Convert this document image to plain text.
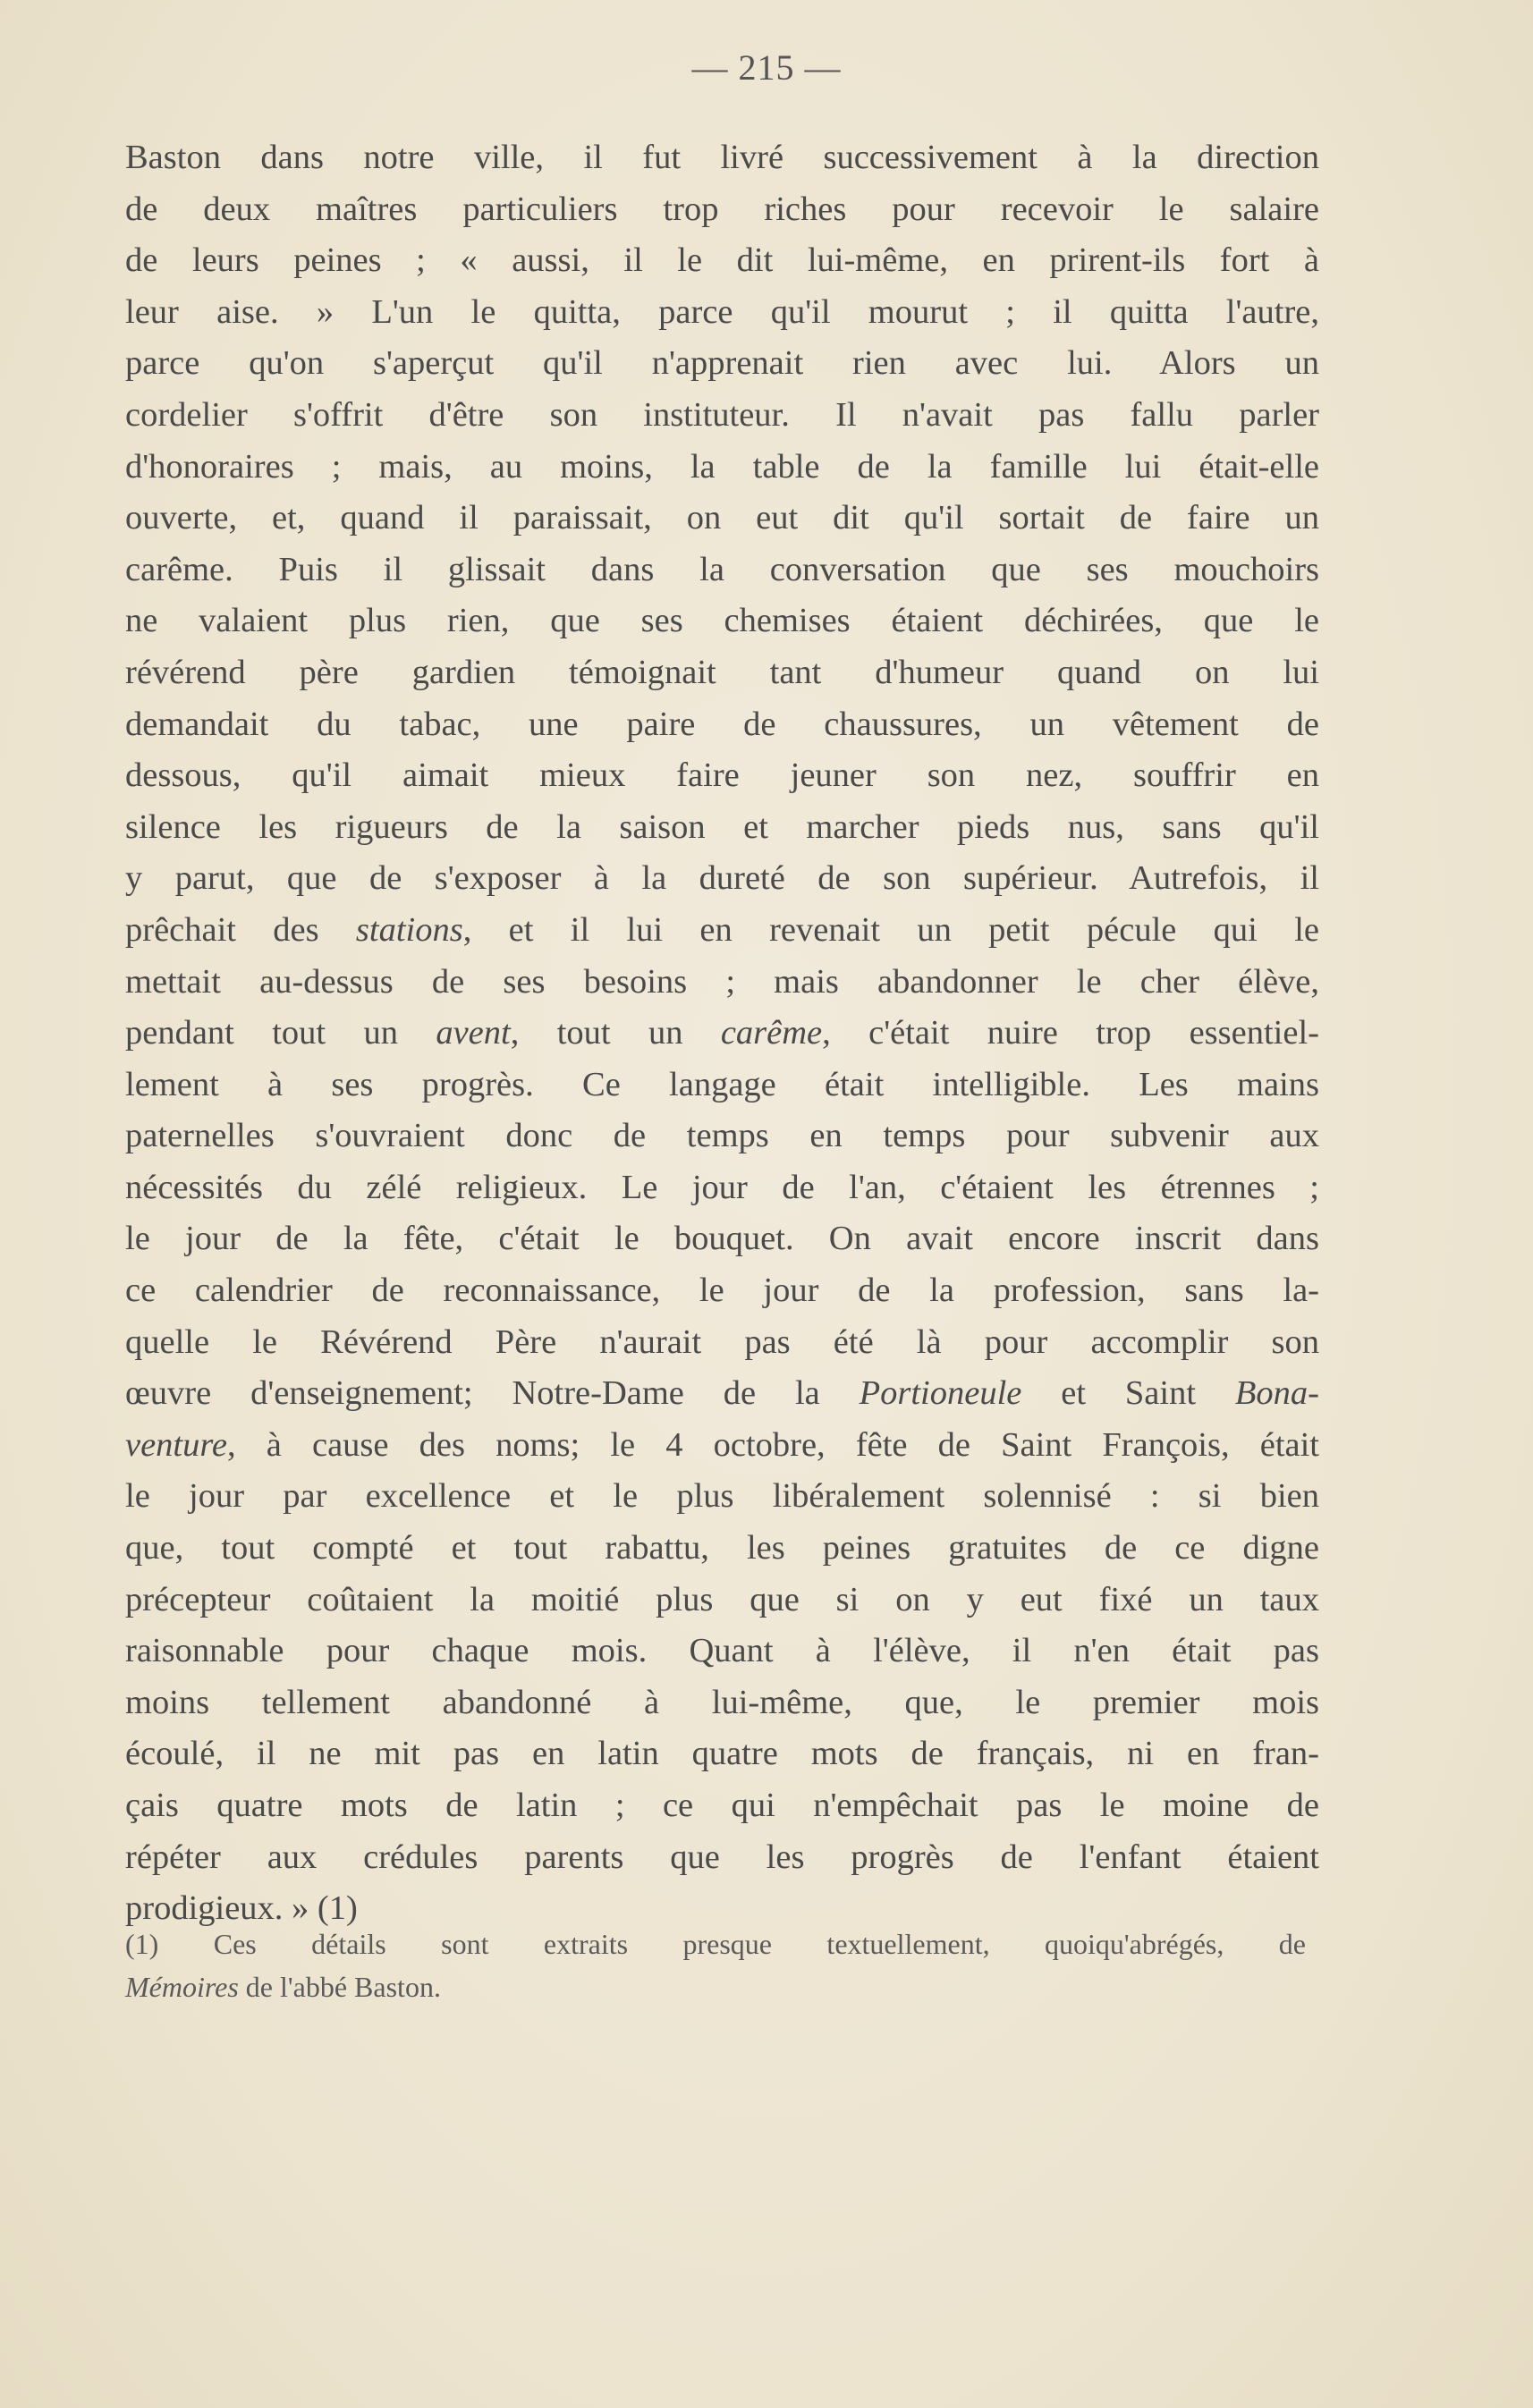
— 215 —
Baston dans notre ville, il fut livré successivement à la direction
de deux maîtres particuliers trop riches pour recevoir le salaire
de leurs peines ; « aussi, il le dit lui-même, en prirent-ils fort à
leur aise. » L'un le quitta, parce qu'il mourut ; il quitta l'autre,
parce qu'on s'aperçut qu'il n'apprenait rien avec lui. Alors un
cordelier s'offrit d'être son instituteur. Il n'avait pas fallu parler
d'honoraires ; mais, au moins, la table de la famille lui était-elle
ouverte, et, quand il paraissait, on eut dit qu'il sortait de faire un
carême. Puis il glissait dans la conversation que ses mouchoirs
ne valaient plus rien, que ses chemises étaient déchirées, que le
révérend père gardien témoignait tant d'humeur quand on lui
demandait du tabac, une paire de chaussures, un vêtement de
dessous, qu'il aimait mieux faire jeuner son nez, souffrir en
silence les rigueurs de la saison et marcher pieds nus, sans qu'il
y parut, que de s'exposer à la dureté de son supérieur. Autrefois, il
prêchait des stations, et il lui en revenait un petit pécule qui le
mettait au-dessus de ses besoins ; mais abandonner le cher élève,
pendant tout un avent, tout un carême, c'était nuire trop essentiel-
lement à ses progrès. Ce langage était intelligible. Les mains
paternelles s'ouvraient donc de temps en temps pour subvenir aux
nécessités du zélé religieux. Le jour de l'an, c'étaient les étrennes ;
le jour de la fête, c'était le bouquet. On avait encore inscrit dans
ce calendrier de reconnaissance, le jour de la profession, sans la-
quelle le Révérend Père n'aurait pas été là pour accomplir son
œuvre d'enseignement; Notre-Dame de la Portioneule et Saint Bona-
venture, à cause des noms; le 4 octobre, fête de Saint François, était
le jour par excellence et le plus libéralement solennisé : si bien
que, tout compté et tout rabattu, les peines gratuites de ce digne
précepteur coûtaient la moitié plus que si on y eut fixé un taux
raisonnable pour chaque mois. Quant à l'élève, il n'en était pas
moins tellement abandonné à lui-même, que, le premier mois
écoulé, il ne mit pas en latin quatre mots de français, ni en fran-
çais quatre mots de latin ; ce qui n'empêchait pas le moine de
répéter aux crédules parents que les progrès de l'enfant étaient
prodigieux. » (1)
(1) Ces détails sont extraits presque textuellement, quoiqu'abrégés, de
Mémoires de l'abbé Baston.
